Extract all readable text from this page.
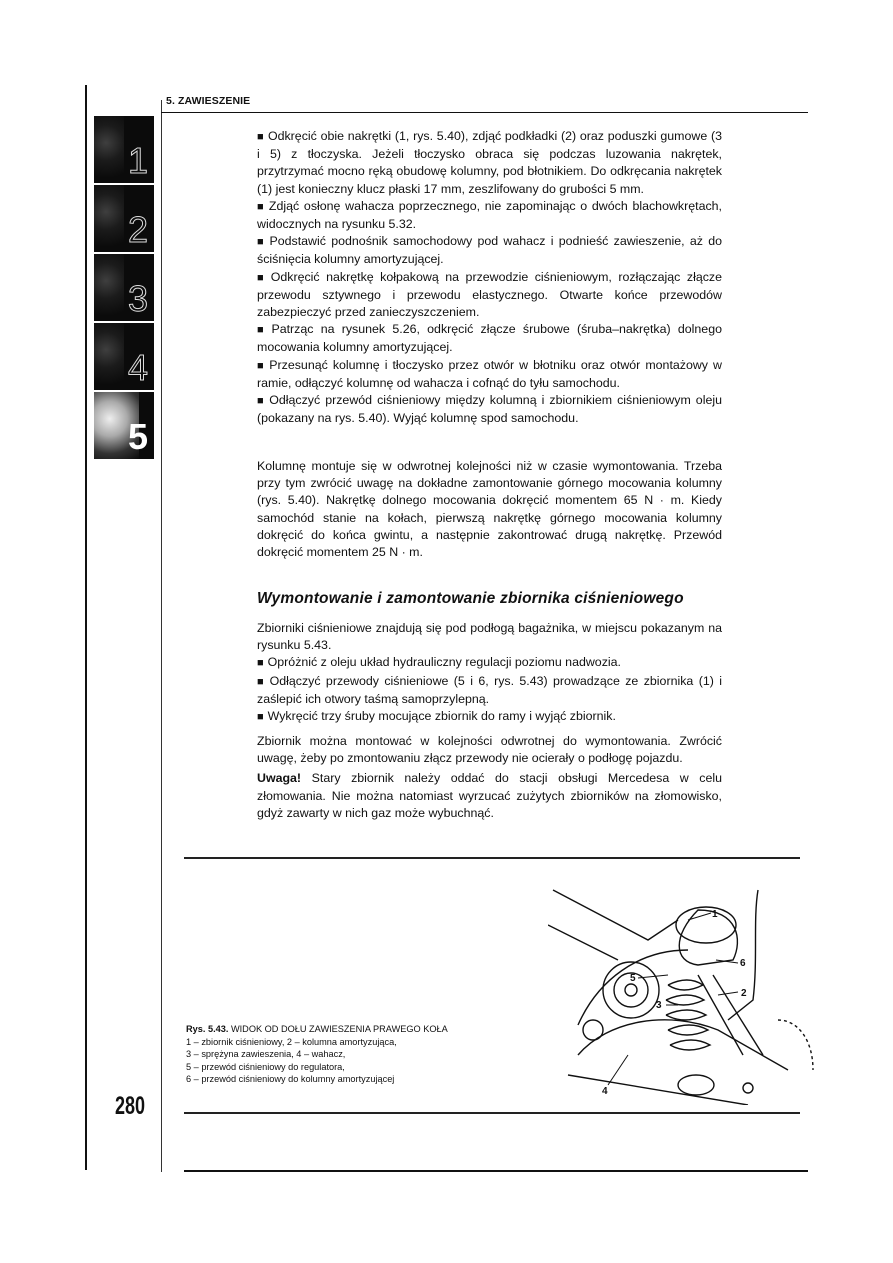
5. ZAWIESZENIE
1
2
3
4
5

■ Odkręcić obie nakrętki (1, rys. 5.40), zdjąć podkładki (2) oraz poduszki gumowe (3 i 5) z tłoczyska. Jeżeli tłoczysko obraca się podczas luzowania nakrętek, przytrzymać mocno ręką obudowę kolumny, pod błotnikiem. Do odkręcania nakrętek (1) jest konieczny klucz płaski 17 mm, zeszlifowany do grubości 5 mm.

■ Zdjąć osłonę wahacza poprzecznego, nie zapominając o dwóch blachowkrętach, widocznych na rysunku 5.32.

■ Podstawić podnośnik samochodowy pod wahacz i podnieść zawieszenie, aż do ściśnięcia kolumny amortyzującej.

■ Odkręcić nakrętkę kołpakową na przewodzie ciśnieniowym, rozłączając złącze przewodu sztywnego i przewodu elastycznego. Otwarte końce przewodów zabezpieczyć przed zanieczyszczeniem.

■ Patrząc na rysunek 5.26, odkręcić złącze śrubowe (śruba–nakrętka) dolnego mocowania kolumny amortyzującej.

■ Przesunąć kolumnę i tłoczysko przez otwór w błotniku oraz otwór montażowy w ramie, odłączyć kolumnę od wahacza i cofnąć do tyłu samochodu.

■ Odłączyć przewód ciśnieniowy między kolumną i zbiornikiem ciśnieniowym oleju (pokazany na rys. 5.40). Wyjąć kolumnę spod samochodu.

Kolumnę montuje się w odwrotnej kolejności niż w czasie wymontowania. Trzeba przy tym zwrócić uwagę na dokładne zamontowanie górnego mocowania kolumny (rys. 5.40). Nakrętkę dolnego mocowania dokręcić momentem 65 N · m. Kiedy samochód stanie na kołach, pierwszą nakrętkę górnego mocowania kolumny dokręcić do końca gwintu, a następnie zakontrować drugą nakrętkę. Przewód dokręcić momentem 25 N · m.

Wymontowanie i zamontowanie zbiornika ciśnieniowego

Zbiorniki ciśnieniowe znajdują się pod podłogą bagażnika, w miejscu pokazanym na rysunku 5.43.

■ Opróżnić z oleju układ hydrauliczny regulacji poziomu nadwozia.

■ Odłączyć przewody ciśnieniowe (5 i 6, rys. 5.43) prowadzące ze zbiornika (1) i zaślepić ich otwory taśmą samoprzylepną.

■ Wykręcić trzy śruby mocujące zbiornik do ramy i wyjąć zbiornik.

Zbiornik można montować w kolejności odwrotnej do wymontowania. Zwrócić uwagę, żeby po zmontowaniu złącz przewody nie ocierały o podłogę pojazdu.

Uwaga! Stary zbiornik należy oddać do stacji obsługi Mercedesa w celu złomowania. Nie można natomiast wyrzucać zużytych zbiorników na złomowisko, gdyż zawarty w nich gaz może wybuchnąć.

Rys. 5.43. WIDOK OD DOŁU ZAWIESZENIA PRAWEGO KOŁA
1 – zbiornik ciśnieniowy, 2 – kolumna amortyzująca,
3 – sprężyna zawieszenia, 4 – wahacz,
5 – przewód ciśnieniowy do regulatora,
6 – przewód ciśnieniowy do kolumny amortyzującej
1
2
3
4
5
6
280
